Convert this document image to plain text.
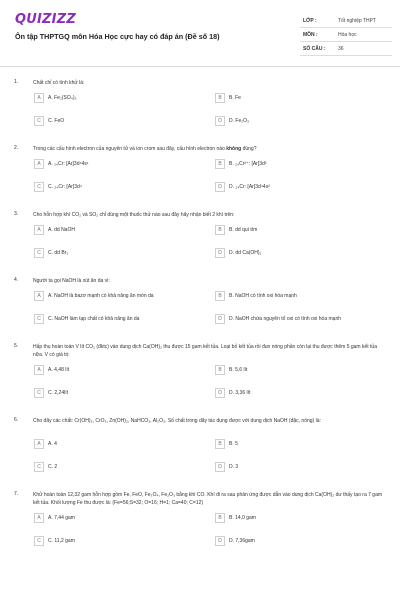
QUIZIZZ
Ôn tập THPTGQ môn Hóa Học cực hay có đáp án (Đề số 18)
LỚP :	Tốt nghiệp THPT
MÔN :	Hóa học
SỐ CÂU :	36
1.	Chất chỉ có tính khử là:
A	A. Fe₂(SO₄)₃	B	B. Fe
C	C. FeO	D	D. Fe₂O₃
2.	Trong các cấu hình electron của nguyên tử và ion crom sau đây, cấu hình electron nào không đúng?
A	A. ₂₄Cr: [Ar]3d⁴4s¹	B	B. ₂₄Cr²⁺: [Ar]3d³
C	C. ₂₄Cr: [Ar]3d⁴	D	D. ₂₄Cr: [Ar]3d⁴4s²
3.	Cho hỗn hợp khí CO₂ và SO₂ chỉ dùng một thuốc thử nào sau đây hãy nhận biết 2 khí trên:
A	A. dd NaOH	B	B. dd quì tím
C	C. dd Br₂	D	D. dd Ca(OH)₂
4.	Người ta gọi NaOH là xút ăn da vì:
A	A. NaOH là bazơ mạnh có khả năng ăn mòn da	B	B. NaOH có tính oxi hóa mạnh
C	C. NaOH làm tạp chất có khả năng ăn da	D	D. NaOH chứa nguyên tố oxi có tính oxi hóa mạnh
5.	Hấp thụ hoàn toàn V lít CO₂ (đktc) vào dung dịch Ca(OH)₂ thu được 15 gam kết tủa. Loại bỏ kết tủa rồi đun nóng phần còn lại thu được thêm 5 gam kết tủa nữa. V có giá trị:
A	A. 4,48 lít	B	B. 5,6 lít
C	C. 2,24lít	D	D. 3,36 lít
6.	Cho dãy các chất: Cr(OH)₃, CrO₃, Zn(OH)₂, NaHCO₃, Al₂O₃. Số chất trong dãy tác dụng được với dung dịch NaOH (đặc, nóng) là:
A	A. 4	B	B. 5
C	C. 2	D	D. 3
7.	Khử hoàn toàn 12,32 gam hỗn hợp gồm Fe, FeO, Fe₃O₄, Fe₂O₃ bằng khí CO. Khí đi ra sau phản ứng được dẫn vào dung dịch Ca(OH)₂ dư thấy tạo ra 7 gam kết tủa. Khối lượng Fe thu được là: (Fe=56;S=32; O=16; H=1; Ca=40; C=12)
A	A. 7,44 gam	B	B. 14,0 gam
C	C. 11,2 gam	D	D. 7,36gam
